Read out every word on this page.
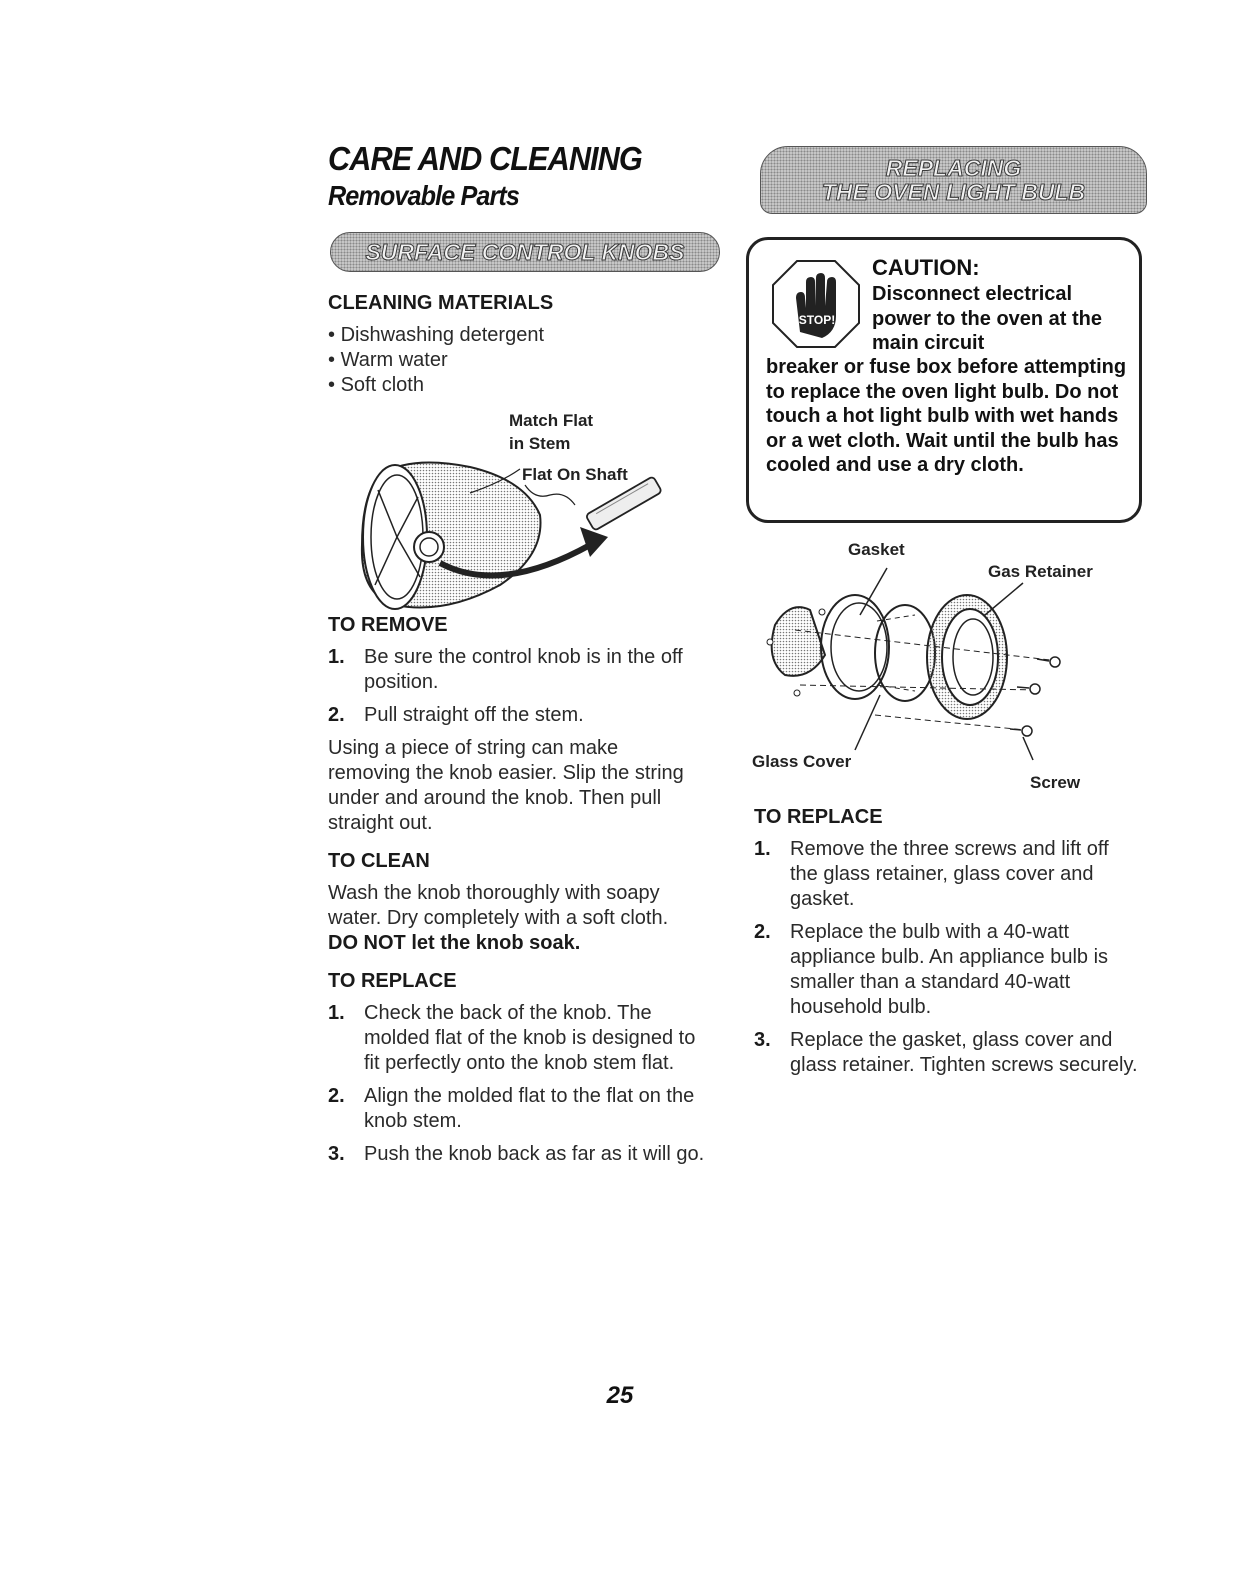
CARE AND CLEANING
Removable Parts
SURFACE CONTROL KNOBS

CLEANING MATERIALS

• Dishwashing detergent
• Warm water
• Soft cloth
Match Flat
in Stem
Flat On Shaft

TO REMOVE

1. Be sure the control knob is in the off position.
2. Pull straight off the stem.
Using a piece of string can make removing the knob easier. Slip the string under and around the knob. Then pull straight out.

TO CLEAN

Wash the knob thoroughly with soapy water. Dry completely with a soft cloth.
DO NOT let the knob soak.

TO REPLACE

1. Check the back of the knob. The molded flat of the knob is designed to fit perfectly onto the knob stem flat.
2. Align the molded flat to the flat on the knob stem.
3. Push the knob back as far as it will go.
REPLACING
THE OVEN LIGHT BULB
STOP!
CAUTION:
Disconnect electrical power to the oven at the main circuit
breaker or fuse box before attempting to replace the oven light bulb. Do not touch a hot light bulb with wet hands or a wet cloth. Wait until the bulb has cooled and use a dry cloth.
Gasket
Gas Retainer
Glass Cover
Screw

TO REPLACE

1. Remove the three screws and lift off the glass retainer, glass cover and gasket.
2. Replace the bulb with a 40-watt appliance bulb. An appliance bulb is smaller than a standard 40-watt household bulb.
3. Replace the gasket, glass cover and glass retainer. Tighten screws securely.
25
